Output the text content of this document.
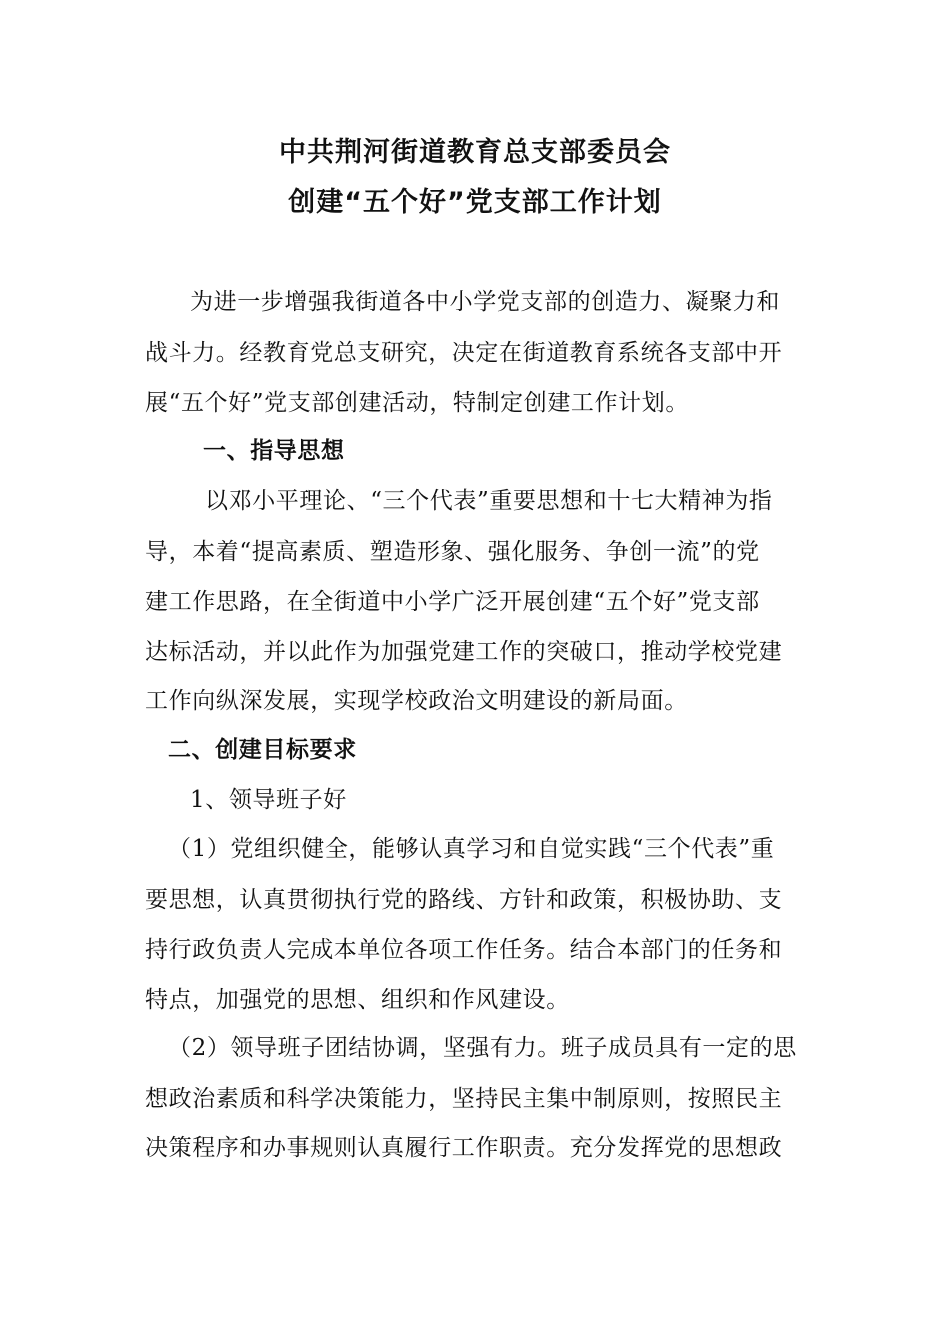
中共荆河街道教育总支部委员会
创建“五个好”党支部工作计划
为进一步增强我街道各中小学党支部的创造力、凝聚力和
战斗力。经教育党总支研究，决定在街道教育系统各支部中开
展“五个好”党支部创建活动，特制定创建工作计划。
一、指导思想
以邓小平理论、“三个代表”重要思想和十七大精神为指
导，本着“提高素质、塑造形象、强化服务、争创一流”的党
建工作思路，在全街道中小学广泛开展创建“五个好”党支部
达标活动，并以此作为加强党建工作的突破口，推动学校党建
工作向纵深发展，实现学校政治文明建设的新局面。
二、创建目标要求
1、领导班子好
（1）党组织健全，能够认真学习和自觉实践“三个代表”重
要思想，认真贯彻执行党的路线、方针和政策，积极协助、支
持行政负责人完成本单位各项工作任务。结合本部门的任务和
特点，加强党的思想、组织和作风建设。
（2）领导班子团结协调，坚强有力。班子成员具有一定的思
想政治素质和科学决策能力，坚持民主集中制原则，按照民主
决策程序和办事规则认真履行工作职责。充分发挥党的思想政
